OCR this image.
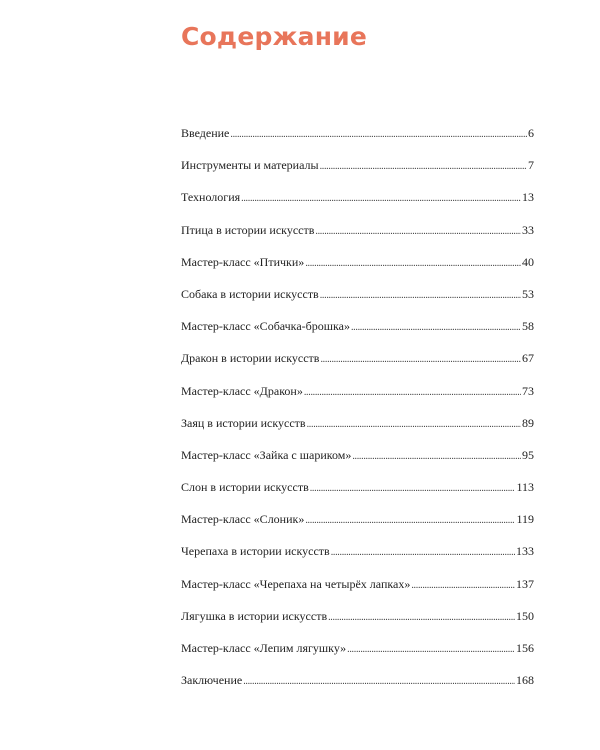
Содержание
Введение . . .	6
Инструменты и материалы . . .	7
Технология . . .	13
Птица в истории искусств . . .	33
Мастер-класс «Птички» . . .	40
Собака в истории искусств . . .	53
Мастер-класс «Собачка-брошка» . . .	58
Дракон в истории искусств . . .	67
Мастер-класс «Дракон» . . .	73
Заяц в истории искусств . . .	89
Мастер-класс «Зайка с шариком» . . .	95
Слон в истории искусств . . .	113
Мастер-класс «Слоник» . . .	119
Черепаха в истории искусств . . .	133
Мастер-класс «Черепаха на четырёх лапках» . . .	137
Лягушка в истории искусств . . .	150
Мастер-класс «Лепим лягушку» . . .	156
Заключение . . .	168
